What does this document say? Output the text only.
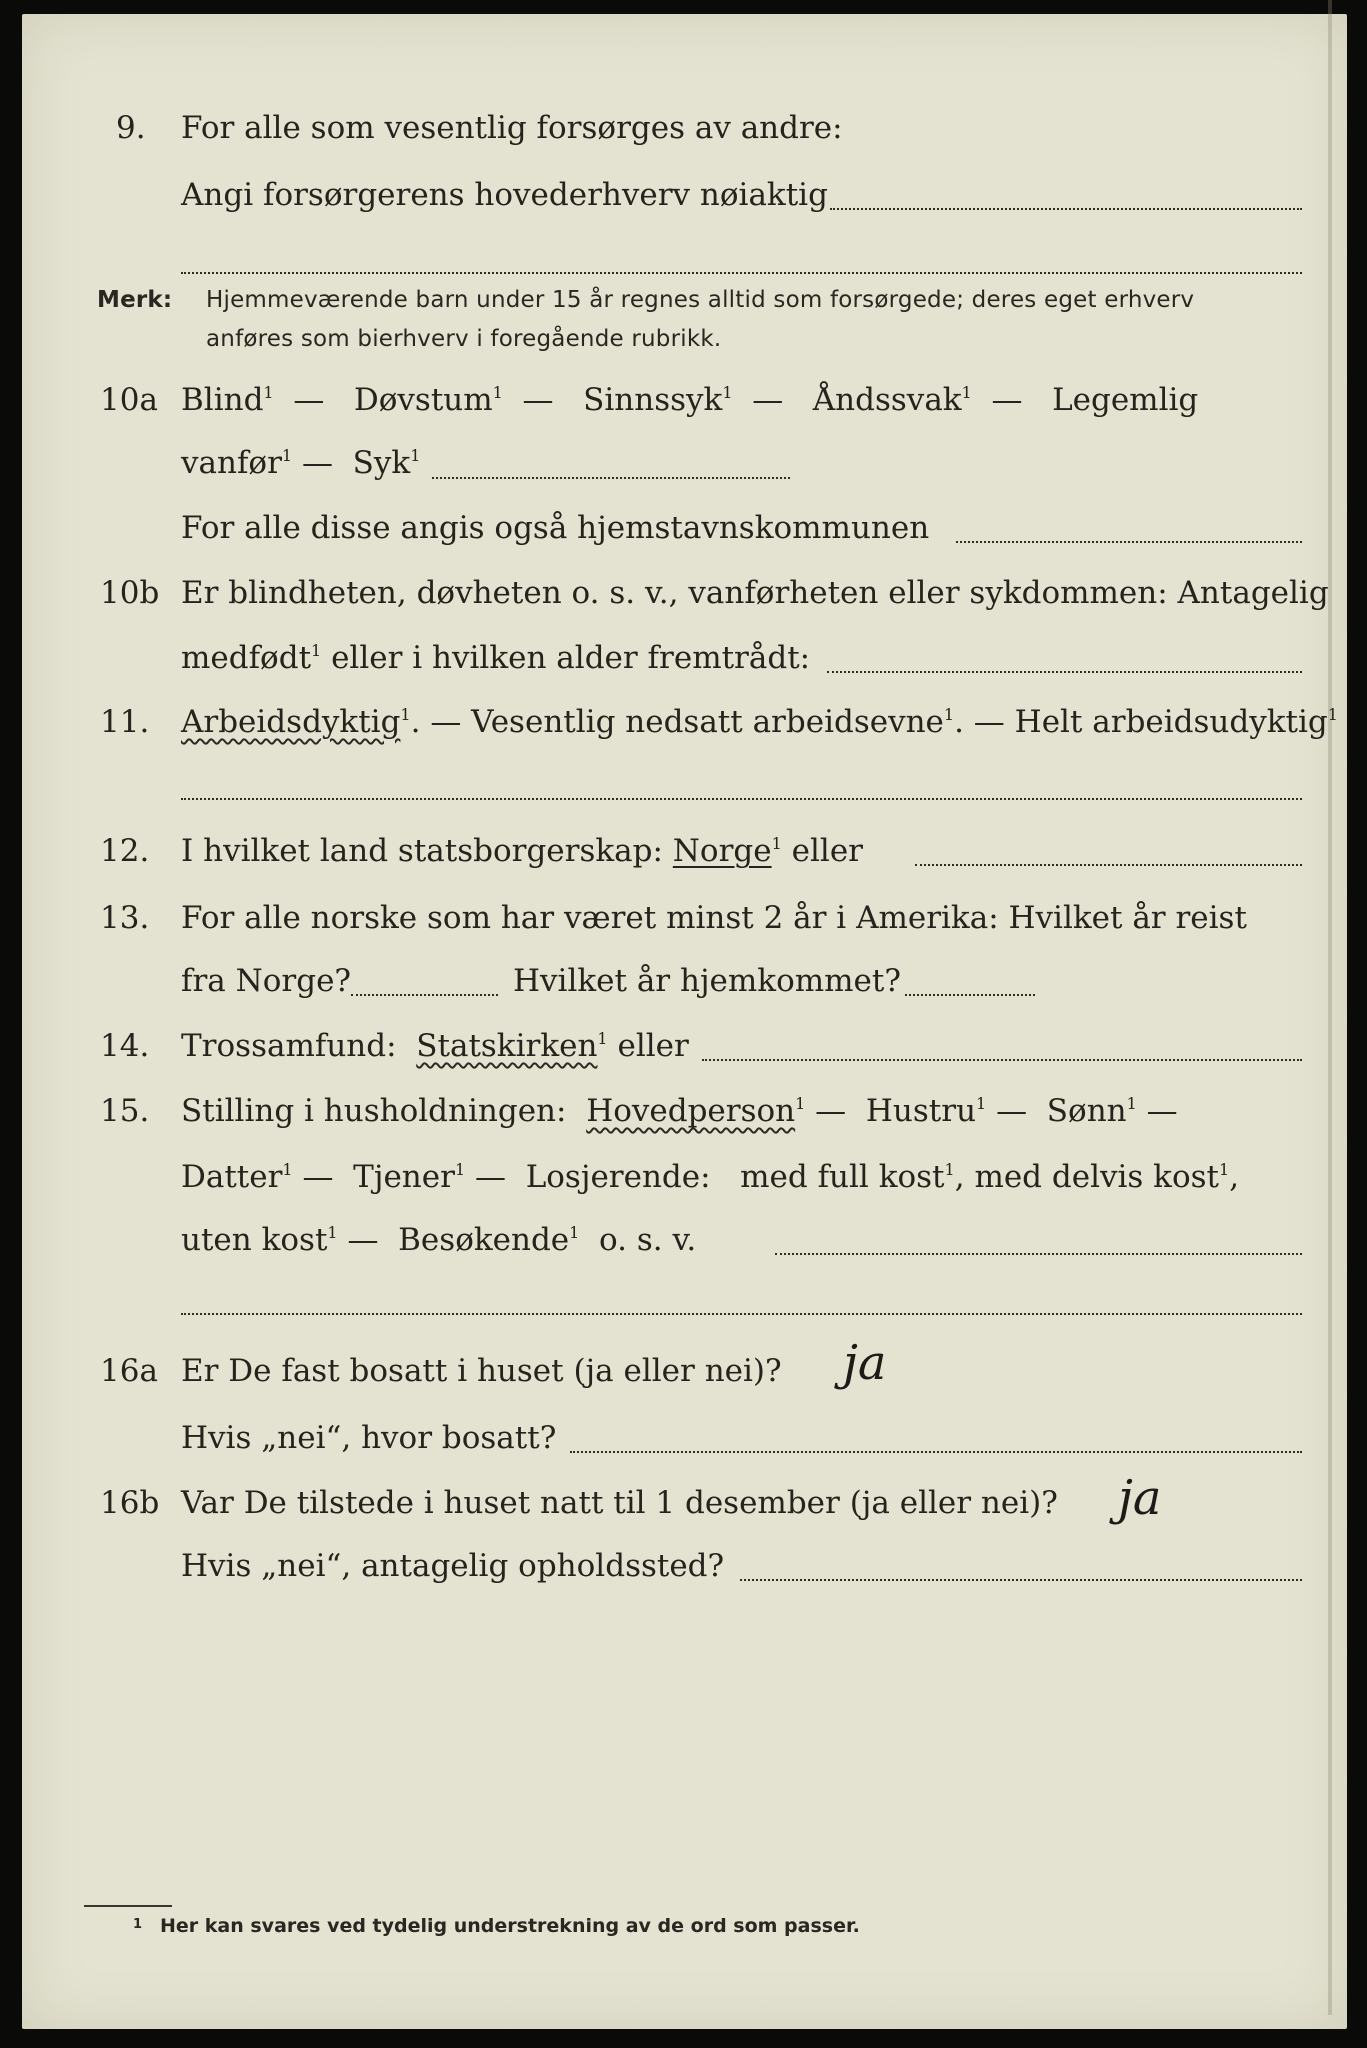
9. For alle som vesentlig forsørges av andre:
Angi forsørgerens hovederhverv nøiaktig
Merk: Hjemmeværende barn under 15 år regnes alltid som forsørgede; deres eget erhverv
anføres som bierhverv i foregående rubrikk.
10a Blind$^1$  —   Døvstum$^1$  —   Sinnssyk$^1$  —   Åndssvak$^1$  —   Legemlig
vanfør$^1$ —  Syk$^1$
For alle disse angis også hjemstavnskommunen
10b Er blindheten, døvheten o. s. v., vanførheten eller sykdommen: Antagelig
medfødt$^1$ eller i hvilken alder fremtrådt:
11. Arbeidsdyktig$^1$. — Vesentlig nedsatt arbeidsevne$^1$. — Helt arbeidsudyktig$^1$
12. I hvilket land statsborgerskap: Norge$^1$ eller
13. For alle norske som har været minst 2 år i Amerika: Hvilket år reist
fra Norge?	Hvilket år hjemkommet?
14. Trossamfund: Statskirken$^1$ eller
15. Stilling i husholdningen: Hovedperson$^1$ —  Hustru$^1$ —  Sønn$^1$ —
Datter$^1$ —  Tjener$^1$ —  Losjerende: med full kost$^1$, med delvis kost$^1$,
uten kost$^1$ —  Besøkende$^1$ o. s. v.
16a Er De fast bosatt i huset (ja eller nei)? ja
Hvis „nei“, hvor bosatt?
16b Var De tilstede i huset natt til 1 desember (ja eller nei)? ja
Hvis „nei“, antagelig opholdssted?
1 Her kan svares ved tydelig understrekning av de ord som passer.
